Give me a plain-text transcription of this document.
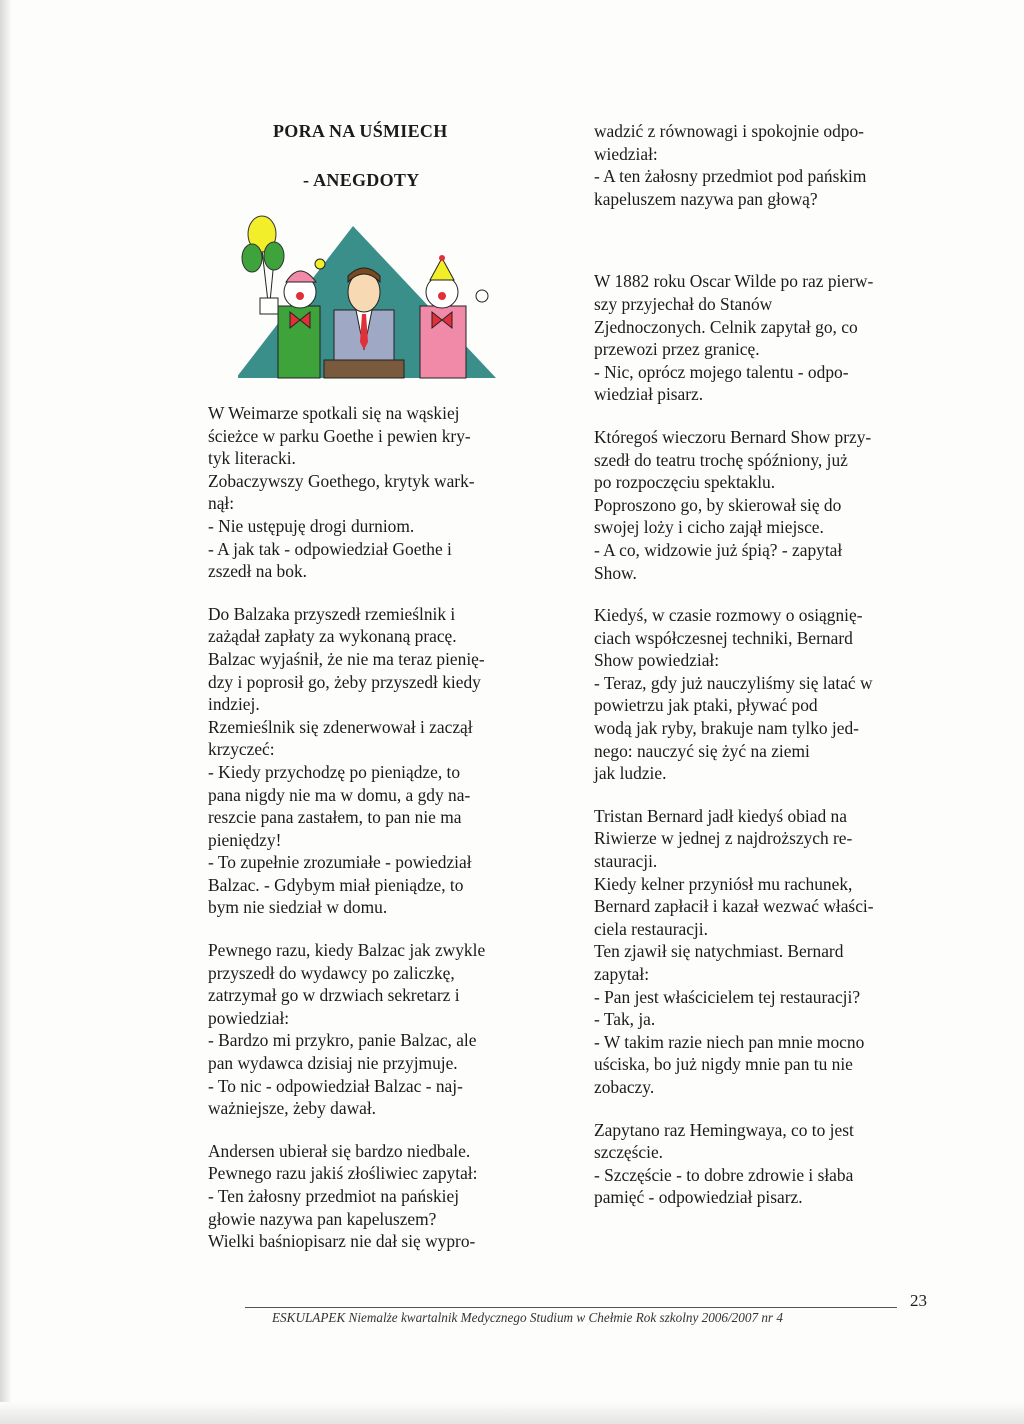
PORA NA UŚMIECH
- ANEGDOTY
W Weimarze spotkali się na wąskiej
ścieżce w parku Goethe i pewien kry-
tyk literacki.
Zobaczywszy Goethego, krytyk wark-
nął:
- Nie ustępuję drogi durniom.
- A jak tak - odpowiedział Goethe i
zszedł na bok.
Do Balzaka przyszedł rzemieślnik i
zażądał zapłaty za wykonaną pracę.
Balzac wyjaśnił, że nie ma teraz pienię-
dzy i poprosił go, żeby przyszedł kiedy
indziej.
Rzemieślnik się zdenerwował i zaczął
krzyczeć:
- Kiedy przychodzę po pieniądze, to
pana nigdy nie ma w domu, a gdy na-
reszcie pana zastałem, to pan nie ma
pieniędzy!
- To zupełnie zrozumiałe - powiedział
Balzac. - Gdybym miał pieniądze, to
bym nie siedział w domu.
Pewnego razu, kiedy Balzac jak zwykle
przyszedł do wydawcy po zaliczkę,
zatrzymał go w drzwiach sekretarz i
powiedział:
- Bardzo mi przykro, panie Balzac, ale
pan wydawca dzisiaj nie przyjmuje.
- To nic - odpowiedział Balzac - naj-
ważniejsze, żeby dawał.
Andersen ubierał się bardzo niedbale.
Pewnego razu jakiś złośliwiec zapytał:
- Ten żałosny przedmiot na pańskiej
głowie nazywa pan kapeluszem?
Wielki baśniopisarz nie dał się wypro-
wadzić z równowagi i spokojnie odpo-
wiedział:
- A ten żałosny przedmiot pod pańskim
kapeluszem nazywa pan głową?
W 1882 roku Oscar Wilde po raz pierw-
szy przyjechał do Stanów
Zjednoczonych. Celnik zapytał go, co
przewozi przez granicę.
- Nic, oprócz mojego talentu - odpo-
wiedział pisarz.
Któregoś wieczoru Bernard Show przy-
szedł do teatru trochę spóźniony, już
po rozpoczęciu spektaklu.
Poproszono go, by skierował się do
swojej loży i cicho zajął miejsce.
- A co, widzowie już śpią? - zapytał
Show.
Kiedyś, w czasie rozmowy o osiągnię-
ciach współczesnej techniki, Bernard
Show powiedział:
- Teraz, gdy już nauczyliśmy się latać w
powietrzu jak ptaki, pływać pod
wodą jak ryby, brakuje nam tylko jed-
nego: nauczyć się żyć na ziemi
jak ludzie.
Tristan Bernard jadł kiedyś obiad na
Riwierze w jednej z najdroższych re-
stauracji.
Kiedy kelner przyniósł mu rachunek,
Bernard zapłacił i kazał wezwać właści-
ciela restauracji.
Ten zjawił się natychmiast. Bernard
zapytał:
- Pan jest właścicielem tej restauracji?
- Tak, ja.
- W takim razie niech pan mnie mocno
uściska, bo już nigdy mnie pan tu nie
zobaczy.
Zapytano raz Hemingwaya, co to jest
szczęście.
- Szczęście - to dobre zdrowie i słaba
pamięć - odpowiedział pisarz.
23
ESKULAPEK Niemalże kwartalnik Medycznego Studium w Chełmie Rok szkolny 2006/2007 nr 4
